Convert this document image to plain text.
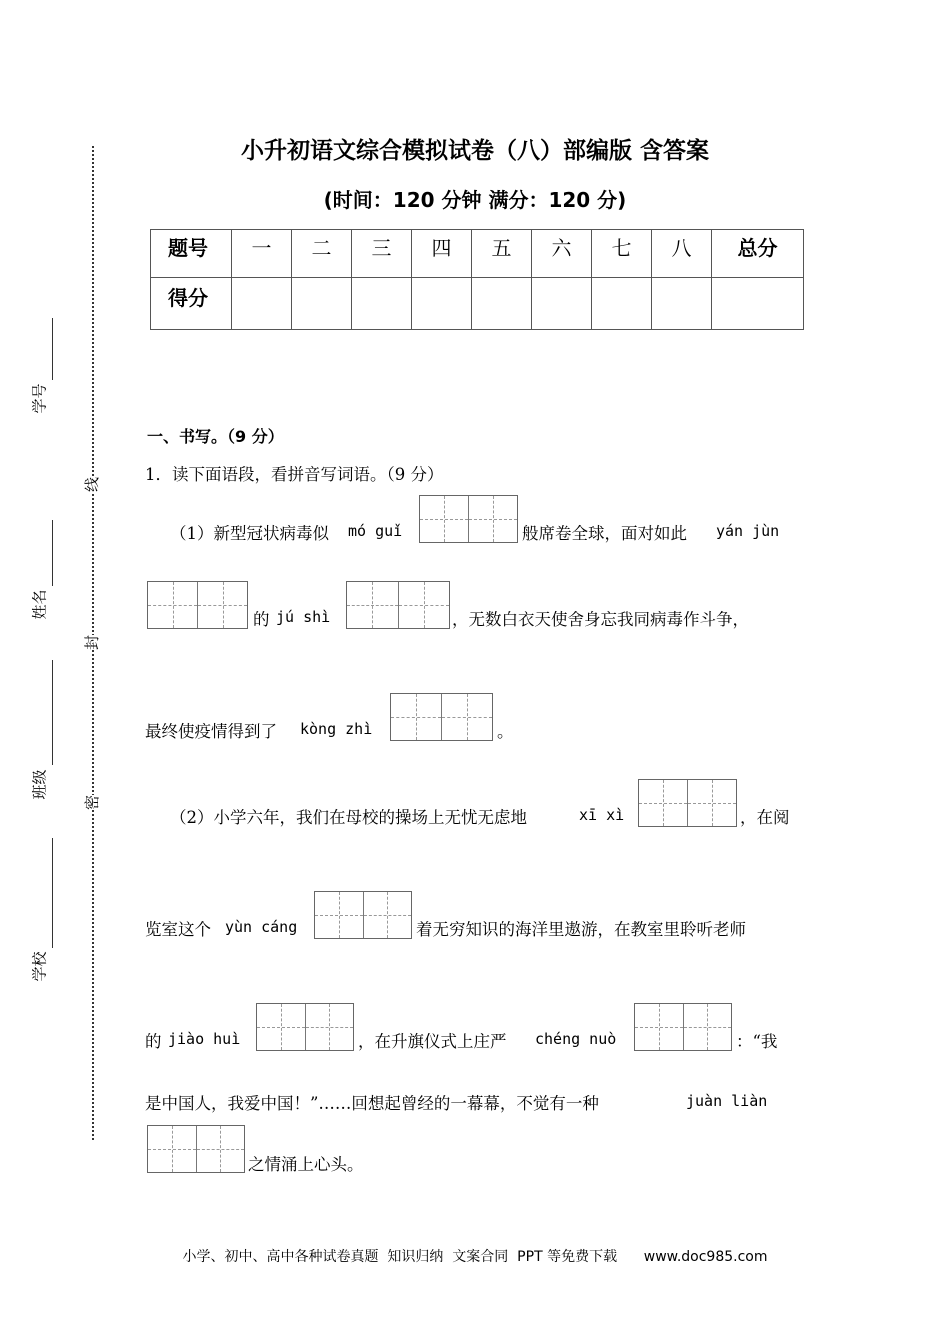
学号
姓名
班级
学校
线
封
密
小升初语文综合模拟试卷（八）部编版 含答案
(时间：120 分钟 满分：120 分)
题号	一	二	三	四	五	六	七	八	总分
得分									
一、书写。（9 分）
1．读下面语段，看拼音写词语。（9 分）
（1）新型冠状病毒似 mó guǐ	般席卷全球，面对如此 yán jùn
的 jú shì	，无数白衣天使舍身忘我同病毒作斗争，
最终使疫情得到了 kòng zhì	。
（2）小学六年，我们在母校的操场上无忧无虑地	xī xì	，在阅
览室这个 yùn cáng	着无穷知识的海洋里遨游，在教室里聆听老师
的 jiào huì	，在升旗仪式上庄严 chéng nuò	：“我
是中国人，我爱中国！”……回想起曾经的一幕幕，不觉有一种	juàn liàn
之情涌上心头。
小学、初中、高中各种试卷真题  知识归纳  文案合同  PPT 等免费下载      www.doc985.com
